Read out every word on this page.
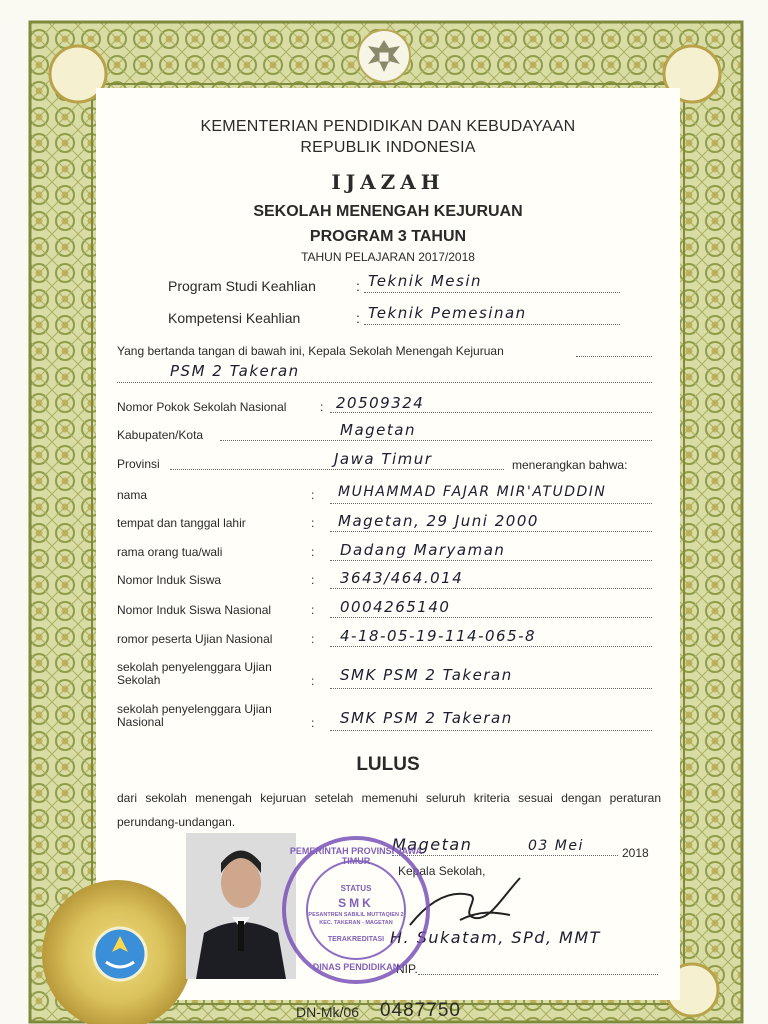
KEMENTERIAN PENDIDIKAN DAN KEBUDAYAAN
REPUBLIK INDONESIA
IJAZAH
SEKOLAH MENENGAH KEJURUAN
PROGRAM 3 TAHUN
TAHUN PELAJARAN 2017/2018
Program Studi Keahlian	: Teknik Mesin
Kompetensi Keahlian	: Teknik Pemesinan
Yang bertanda tangan di bawah ini, Kepala Sekolah Menengah Kejuruan
PSM 2 Takeran
Nomor Pokok Sekolah Nasional	: 20509324
Kabupaten/Kota	Magetan
Provinsi	Jawa Timur	menerangkan bahwa:
nama	: MUHAMMAD FAJAR MIR'ATUDDIN
tempat dan tanggal lahir	: Magetan, 29 Juni 2000
rama orang tua/wali	: Dadang Maryaman
Nomor Induk Siswa	: 3643/464.014
Nomor Induk Siswa Nasional	: 0004265140
romor peserta Ujian Nasional	: 4-18-05-19-114-065-8
sekolah penyelenggara Ujian Sekolah	: SMK PSM 2 Takeran
sekolah penyelenggara Ujian Nasional	: SMK PSM 2 Takeran
LULUS
dari sekolah menengah kejuruan setelah memenuhi seluruh kriteria sesuai dengan peraturan perundang-undangan.
Magetan	03 Mei	2018
Kepala Sekolah,
H. Sukatam, SPd, MMT
NIP.
PEMERINTAH PROVINSI JAWA TIMUR
STATUS
SMK
PESANTREN SABILIL MUTTAQIEN 2
KEC. TAKERAN - MAGETAN
TERAKREDITASI
DINAS PENDIDIKAN
DN-Mk/06 0487750
